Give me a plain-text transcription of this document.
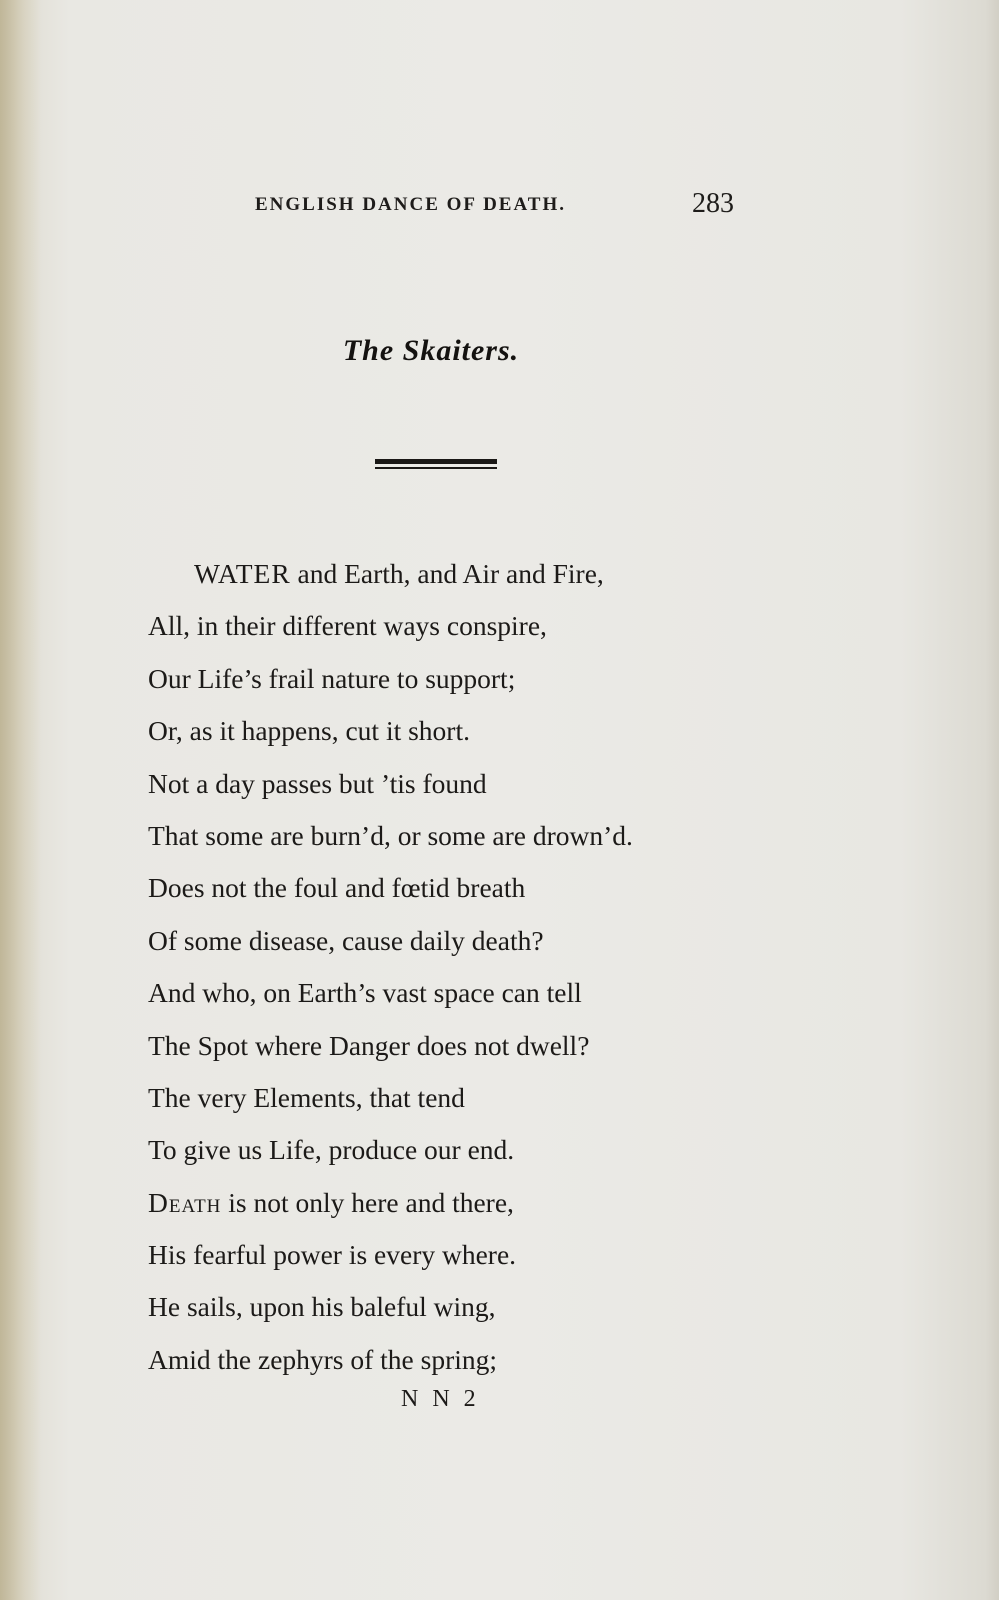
ENGLISH DANCE OF DEATH.	283
The Skaiters.
WATER and Earth, and Air and Fire,
All, in their different ways conspire,
Our Life’s frail nature to support;
Or, as it happens, cut it short.
Not a day passes but ’tis found
That some are burn’d, or some are drown’d.
Does not the foul and fœtid breath
Of some disease, cause daily death?
And who, on Earth’s vast space can tell
The Spot where Danger does not dwell?
The very Elements, that tend
To give us Life, produce our end.
Death is not only here and there,
His fearful power is every where.
He sails, upon his baleful wing,
Amid the zephyrs of the spring;
N N 2
